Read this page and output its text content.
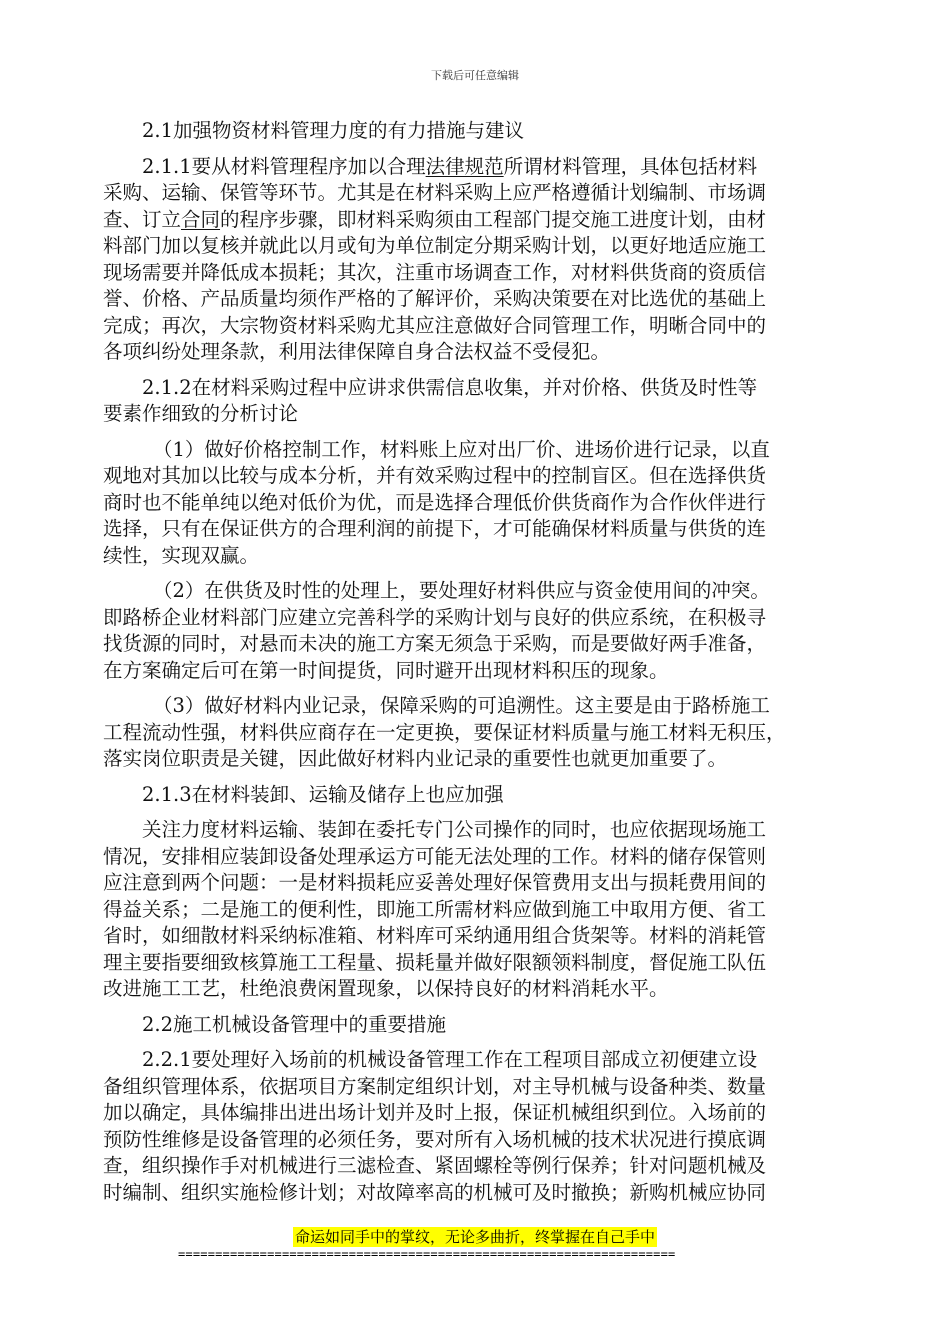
下载后可任意编辑
2.1加强物资材料管理力度的有力措施与建议
2.1.1要从材料管理程序加以合理法律规范所谓材料管理，具体包括材料
采购、运输、保管等环节。尤其是在材料采购上应严格遵循计划编制、市场调
查、订立合同的程序步骤，即材料采购须由工程部门提交施工进度计划，由材
料部门加以复核并就此以月或旬为单位制定分期采购计划，以更好地适应施工
现场需要并降低成本损耗；其次，注重市场调查工作，对材料供货商的资质信
誉、价格、产品质量均须作严格的了解评价，采购决策要在对比选优的基础上
完成；再次，大宗物资材料采购尤其应注意做好合同管理工作，明晰合同中的
各项纠纷处理条款，利用法律保障自身合法权益不受侵犯。
2.1.2在材料采购过程中应讲求供需信息收集，并对价格、供货及时性等
要素作细致的分析讨论
（1）做好价格控制工作，材料账上应对出厂价、进场价进行记录，以直
观地对其加以比较与成本分析，并有效采购过程中的控制盲区。但在选择供货
商时也不能单纯以绝对低价为优，而是选择合理低价供货商作为合作伙伴进行
选择，只有在保证供方的合理利润的前提下，才可能确保材料质量与供货的连
续性，实现双赢。
（2）在供货及时性的处理上，要处理好材料供应与资金使用间的冲突。
即路桥企业材料部门应建立完善科学的采购计划与良好的供应系统，在积极寻
找货源的同时，对悬而未决的施工方案无须急于采购，而是要做好两手准备，
在方案确定后可在第一时间提货，同时避开出现材料积压的现象。
（3）做好材料内业记录，保障采购的可追溯性。这主要是由于路桥施工
工程流动性强，材料供应商存在一定更换，要保证材料质量与施工材料无积压，
落实岗位职责是关键，因此做好材料内业记录的重要性也就更加重要了。
2.1.3在材料装卸、运输及储存上也应加强
关注力度材料运输、装卸在委托专门公司操作的同时，也应依据现场施工
情况，安排相应装卸设备处理承运方可能无法处理的工作。材料的储存保管则
应注意到两个问题：一是材料损耗应妥善处理好保管费用支出与损耗费用间的
得益关系；二是施工的便利性，即施工所需材料应做到施工中取用方便、省工
省时，如细散材料采纳标准箱、材料库可采纳通用组合货架等。材料的消耗管
理主要指要细致核算施工工程量、损耗量并做好限额领料制度，督促施工队伍
改进施工工艺，杜绝浪费闲置现象，以保持良好的材料消耗水平。
2.2施工机械设备管理中的重要措施
2.2.1要处理好入场前的机械设备管理工作在工程项目部成立初便建立设
备组织管理体系，依据项目方案制定组织计划，对主导机械与设备种类、数量
加以确定，具体编排出进出场计划并及时上报，保证机械组织到位。入场前的
预防性维修是设备管理的必须任务，要对所有入场机械的技术状况进行摸底调
查，组织操作手对机械进行三滤检查、紧固螺栓等例行保养；针对问题机械及
时编制、组织实施检修计划；对故障率高的机械可及时撤换；新购机械应协同
命运如同手中的掌纹，无论多曲折，终掌握在自己手中
===================================================================
